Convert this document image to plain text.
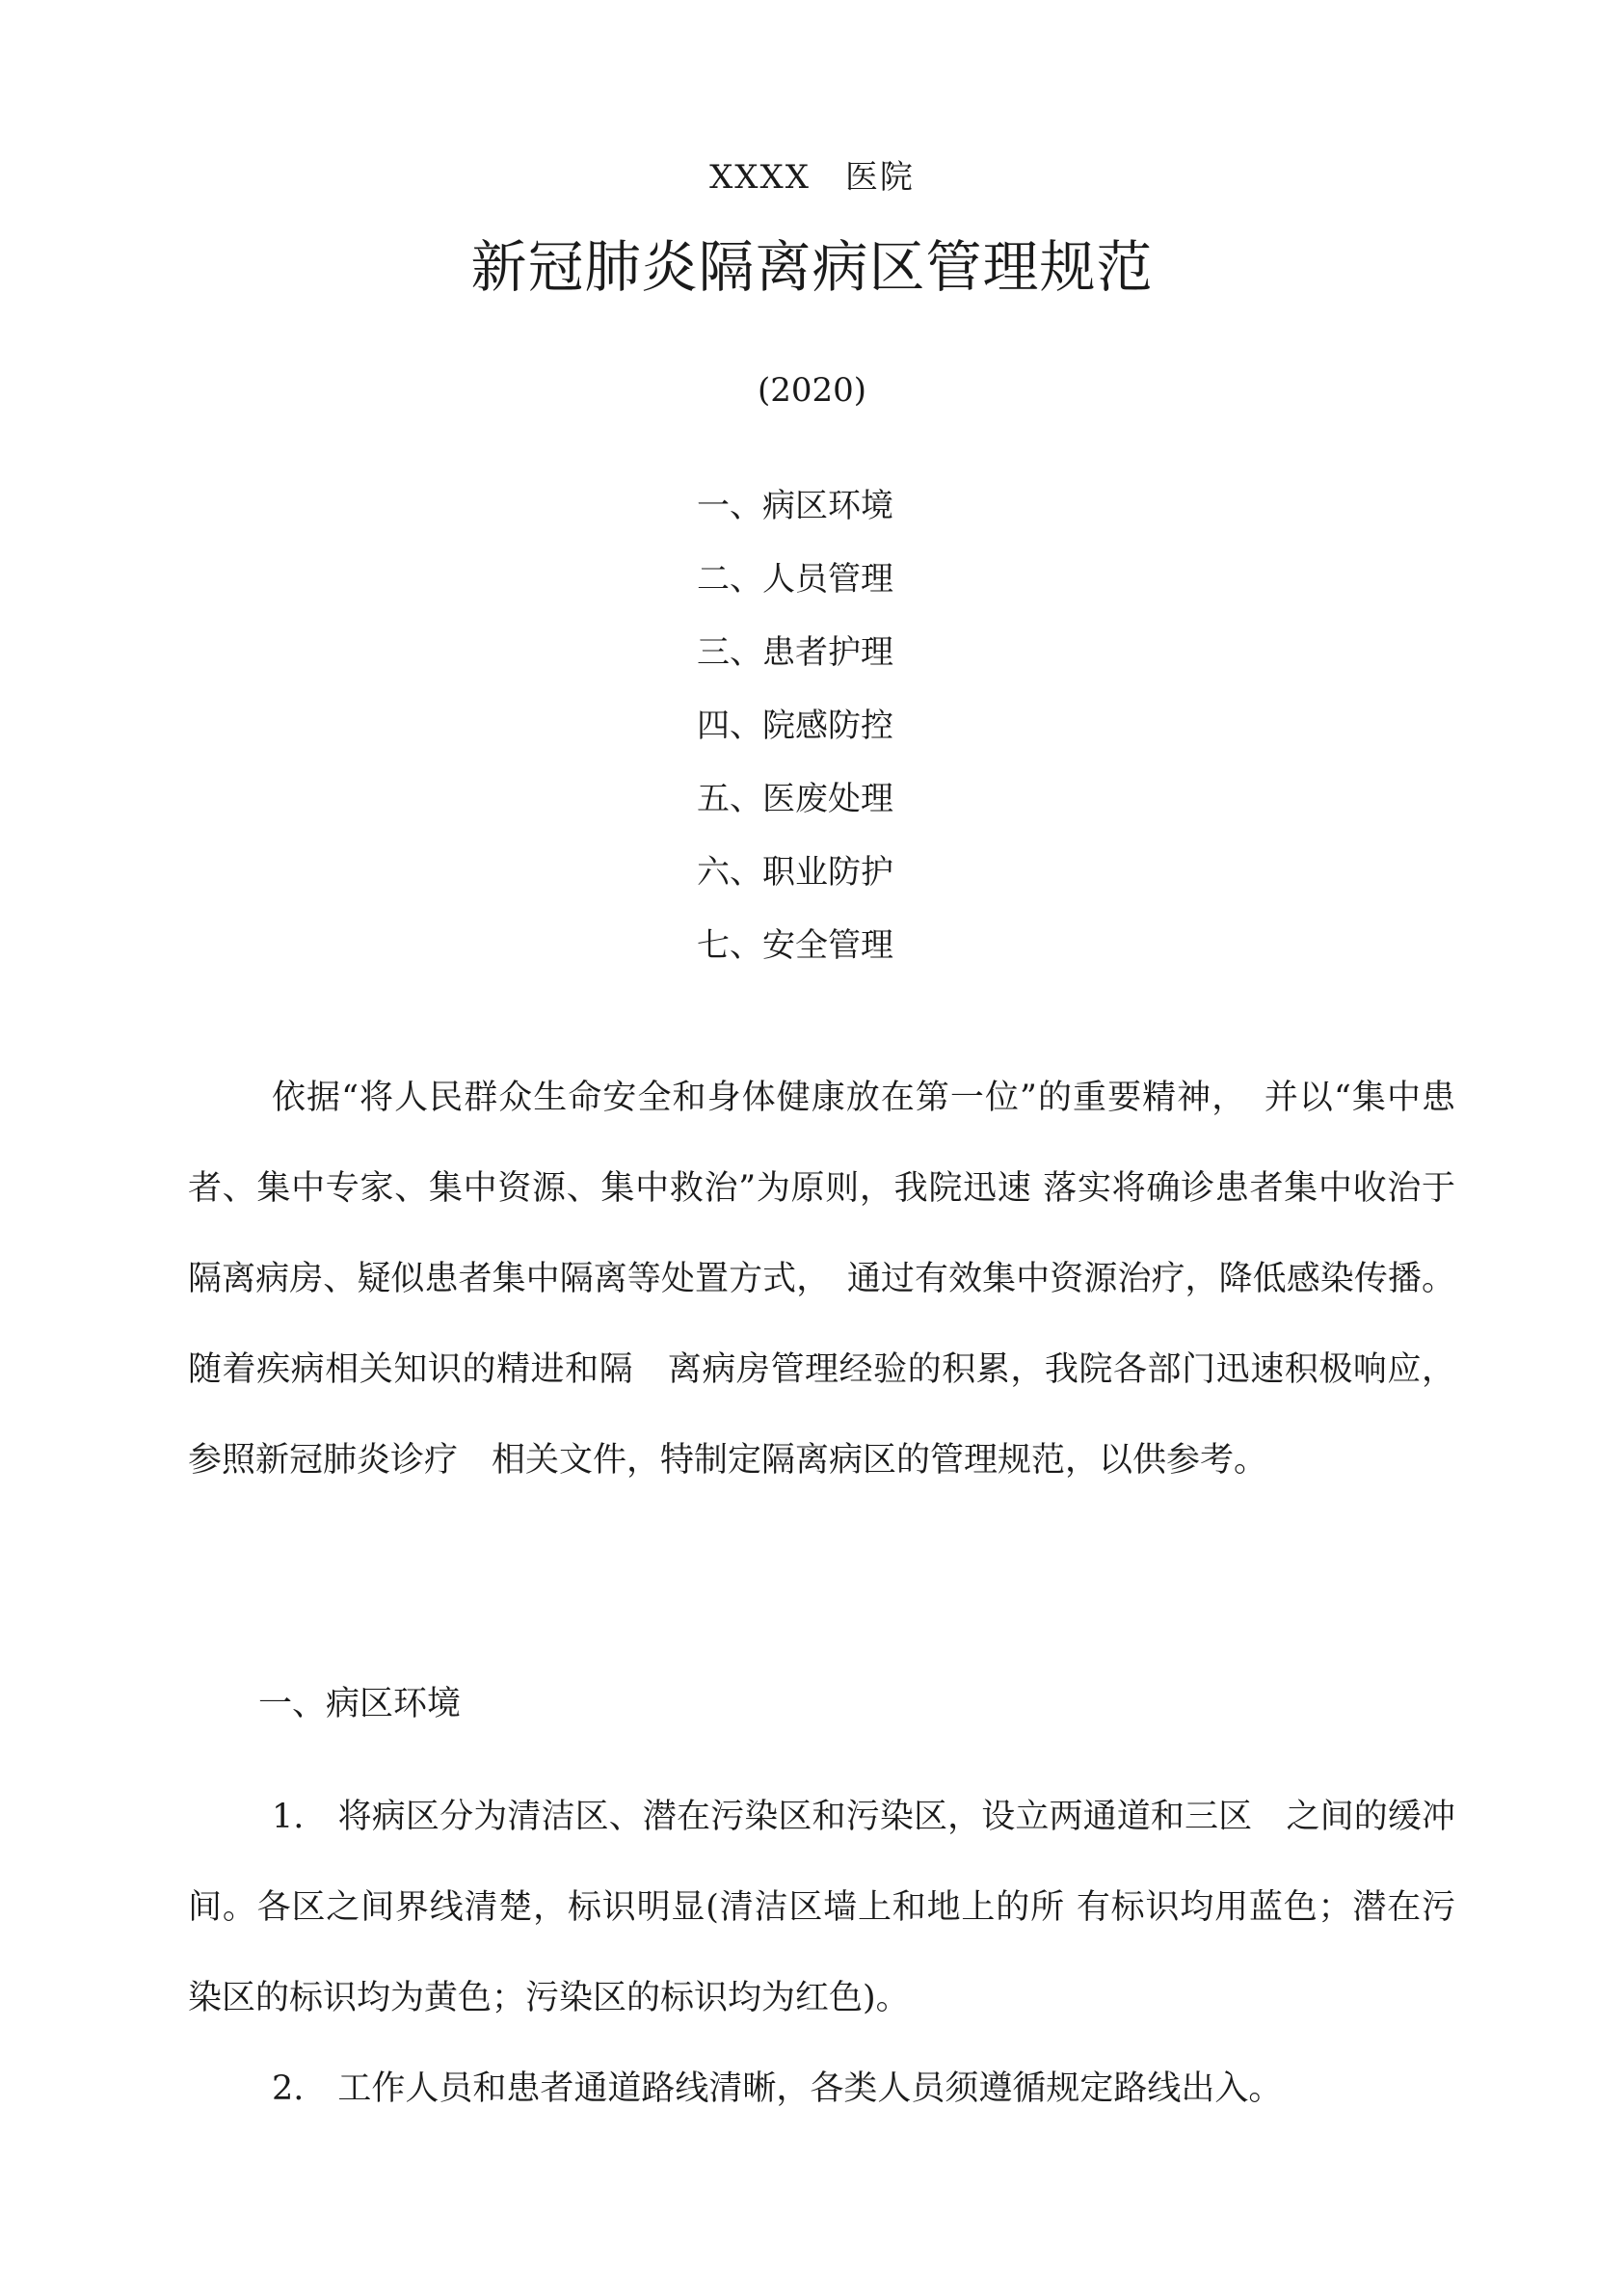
XXXX　医院
新冠肺炎隔离病区管理规范
(2020)
一、病区环境
二、人员管理
三、患者护理
四、院感防控
五、医废处理
六、职业防护
七、安全管理

依据“将人民群众生命安全和身体健康放在第一位”的重要精神，　并以“集中患者、集中专家、集中资源、集中救治”为原则，我院迅速 落实将确诊患者集中收治于隔离病房、疑似患者集中隔离等处置方式，　通过有效集中资源治疗，降低感染传播。随着疾病相关知识的精进和隔　离病房管理经验的积累，我院各部门迅速积极响应，参照新冠肺炎诊疗　相关文件，特制定隔离病区的管理规范，以供参考。

一、病区环境

1.　将病区分为清洁区、潜在污染区和污染区，设立两通道和三区　之间的缓冲间。各区之间界线清楚，标识明显(清洁区墙上和地上的所 有标识均用蓝色；潜在污染区的标识均为黄色；污染区的标识均为红色)。

2.　工作人员和患者通道路线清晰，各类人员须遵循规定路线出入。
